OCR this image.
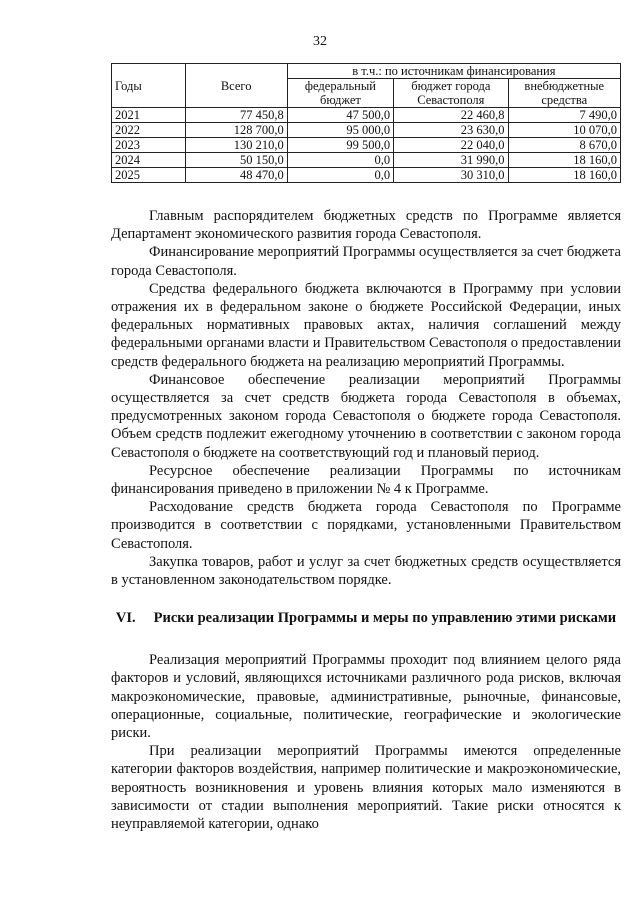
32
Годы	Всего	в т.ч.: по источникам финансирования		
		федеральный бюджет	бюджет города Севастополя	внебюджетные средства
2021	77 450,8	47 500,0	22 460,8	7 490,0
2022	128 700,0	95 000,0	23 630,0	10 070,0
2023	130 210,0	99 500,0	22 040,0	8 670,0
2024	50 150,0	0,0	31 990,0	18 160,0
2025	48 470,0	0,0	30 310,0	18 160,0

Главным распорядителем бюджетных средств по Программе является Департамент экономического развития города Севастополя.

Финансирование мероприятий Программы осуществляется за счет бюджета города Севастополя.

Средства федерального бюджета включаются в Программу при условии отражения их в федеральном законе о бюджете Российской Федерации, иных федеральных нормативных правовых актах, наличия соглашений между федеральными органами власти и Правительством Севастополя о предоставлении средств федерального бюджета на реализацию мероприятий Программы.

Финансовое обеспечение реализации мероприятий Программы осуществляется за счет средств бюджета города Севастополя в объемах, предусмотренных законом города Севастополя о бюджете города Севастополя. Объем средств подлежит ежегодному уточнению в соответствии с законом города Севастополя о бюджете на соответствующий год и плановый период.

Ресурсное обеспечение реализации Программы по источникам финансирования приведено в приложении № 4 к Программе.

Расходование средств бюджета города Севастополя по Программе производится в соответствии с порядками, установленными Правительством Севастополя.

Закупка товаров, работ и услуг за счет бюджетных средств осуществляется в установленном законодательством порядке.

VI. Риски реализации Программы и меры по управлению этими рисками

Реализация мероприятий Программы проходит под влиянием целого ряда факторов и условий, являющихся источниками различного рода рисков, включая макроэкономические, правовые, административные, рыночные, финансовые, операционные, социальные, политические, географические и экологические риски.

При реализации мероприятий Программы имеются определенные категории факторов воздействия, например политические и макроэкономические, вероятность возникновения и уровень влияния которых мало изменяются в зависимости от стадии выполнения мероприятий. Такие риски относятся к неуправляемой категории, однако
